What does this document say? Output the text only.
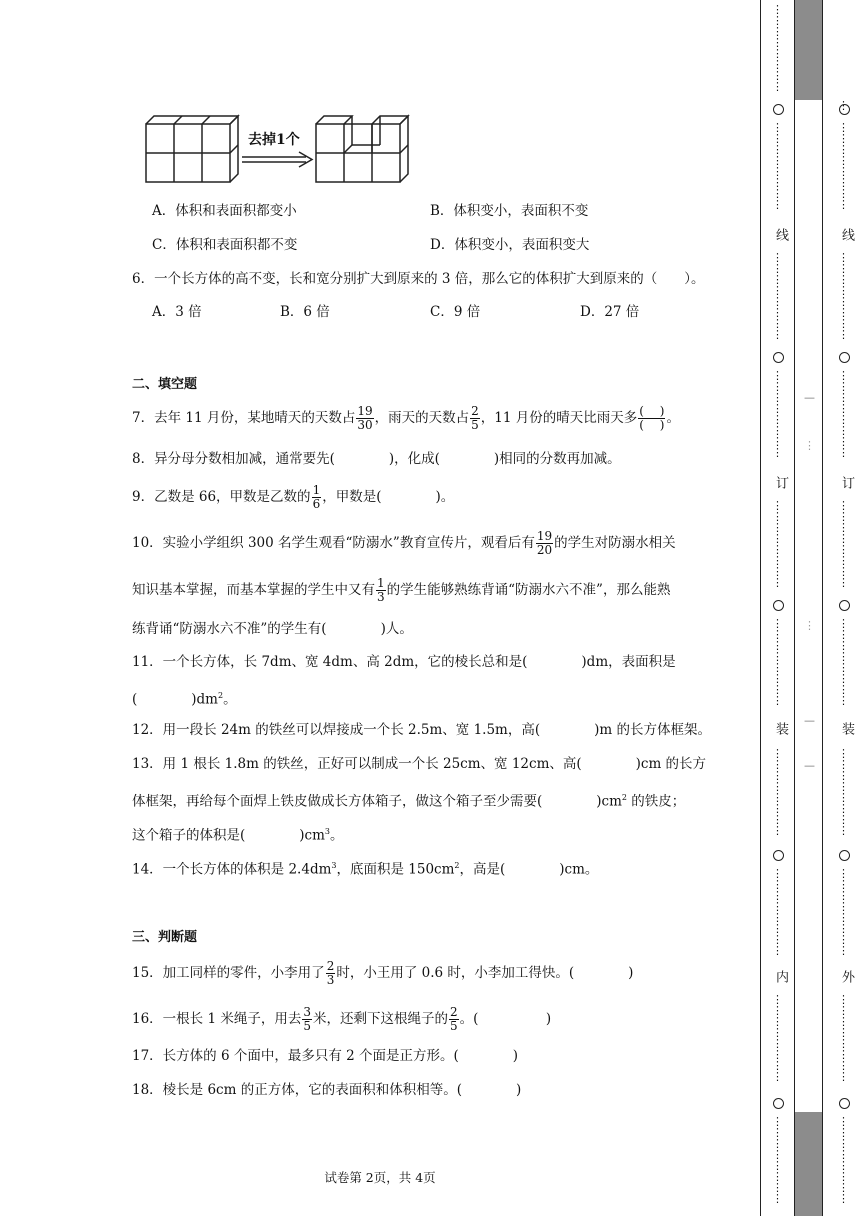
去掉1个
A．体积和表面积都变小	B．体积变小，表面积不变
C．体积和表面积都不变	D．体积变小，表面积变大
6．一个长方体的高不变，长和宽分别扩大到原来的 3 倍，那么它的体积扩大到原来的（　　）。
A．3 倍	B．6 倍	C．9 倍	D．27 倍
二、填空题
7．去年 11 月份，某地晴天的天数占 $\frac{19}{30}$ ，雨天的天数占 $\frac{2}{5}$ ，11 月份的晴天比雨天多 $\frac{( )}{( )}$ 。
8．异分母分数相加减，通常要先(　　　　)，化成(　　　　)相同的分数再加减。
9．乙数是 66，甲数是乙数的 $\frac{1}{6}$ ，甲数是(　　　　)。
10．实验小学组织 300 名学生观看“防溺水”教育宣传片，观看后有 $\frac{19}{20}$ 的学生对防溺水相关
知识基本掌握，而基本掌握的学生中又有 $\frac{1}{3}$ 的学生能够熟练背诵“防溺水六不准”，那么能熟
练背诵“防溺水六不准”的学生有(　　　　)人。
11．一个长方体，长 7dm、宽 4dm、高 2dm，它的棱长总和是(　　　　)dm，表面积是
(　　　　)$dm^2$。
12．用一段长 24m 的铁丝可以焊接成一个长 2.5m、宽 1.5m，高(　　　　)m 的长方体框架。
13．用 1 根长 1.8m 的铁丝，正好可以制成一个长 25cm、宽 12cm、高(　　　　)cm 的长方
体框架，再给每个面焊上铁皮做成长方体箱子，做这个箱子至少需要(　　　　)$cm^2$ 的铁皮；
这个箱子的体积是(　　　　)$cm^3$。
14．一个长方体的体积是 $2.4dm^3$，底面积是 $150cm^2$，高是(　　　　)cm。
三、判断题
15．加工同样的零件，小李用了 $\frac{2}{3}$ 时，小王用了 0.6 时，小李加工得快。(　　　　)
16．一根长 1 米绳子，用去 $\frac{3}{5}$ 米，还剩下这根绳子的 $\frac{2}{5}$ 。(　　　　　)
17．长方体的 6 个面中，最多只有 2 个面是正方形。(　　　　)
18．棱长是 6cm 的正方体，它的表面积和体积相等。(　　　　)
试卷第 2页，共 4页
⋮
⋮
⋮
⋮
⋮
⋮
⋮
⋮
⋮
⋮
⋮
⋮
⋮
⋮
⋮
⋮
线
⋮
⋮
⋮
⋮
⋮
⋮
⋮
⋮
⋮
⋮
⋮
⋮
⋮
⋮
⋮
⋮
订
⋮
⋮
⋮
⋮
⋮
⋮
⋮
⋮
⋮
⋮
⋮
⋮
⋮
⋮
⋮
⋮
装
⋮
⋮
⋮
⋮
⋮
⋮
⋮
⋮
⋮
⋮
⋮
⋮
⋮
⋮
⋮
⋮
内
⋮
⋮
⋮
⋮
⋮
⋮
⋮
⋮
⋮
⋮
⋮
⋮
⋮
⋮
⋮
⋮
—
⋮
⋮
—
—
⋮
⋮
⋮
⋮
⋮
⋮
⋮
⋮
⋮
线
⋮
⋮
⋮
⋮
⋮
⋮
⋮
⋮
⋮
⋮
⋮
⋮
⋮
⋮
⋮
⋮
订
⋮
⋮
⋮
⋮
⋮
⋮
⋮
⋮
⋮
⋮
⋮
⋮
⋮
⋮
⋮
⋮
装
⋮
⋮
⋮
⋮
⋮
⋮
⋮
⋮
⋮
⋮
⋮
⋮
⋮
⋮
⋮
⋮
外
⋮
⋮
⋮
⋮
⋮
⋮
⋮
⋮
⋮
⋮
⋮
⋮
⋮
⋮
⋮
⋮
